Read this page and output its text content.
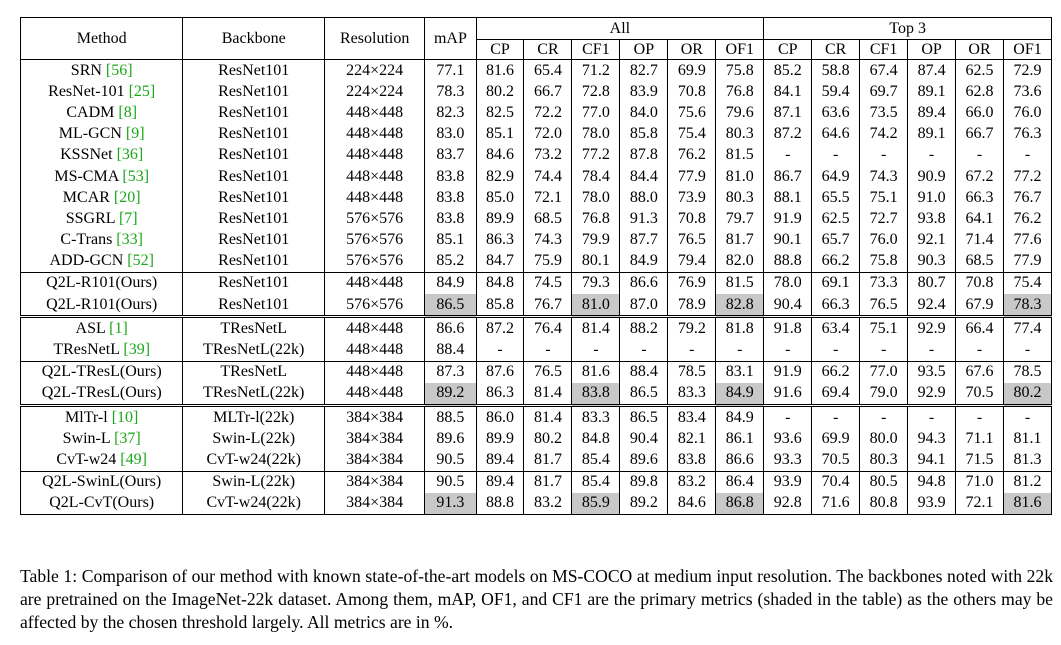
Method	Backbone	Resolution	mAP	All						Top 3					
				CP	CR	CF1	OP	OR	OF1	CP	CR	CF1	OP	OR	OF1
SRN [56]	ResNet101	224×224	77.1	81.6	65.4	71.2	82.7	69.9	75.8	85.2	58.8	67.4	87.4	62.5	72.9
ResNet-101 [25]	ResNet101	224×224	78.3	80.2	66.7	72.8	83.9	70.8	76.8	84.1	59.4	69.7	89.1	62.8	73.6
CADM [8]	ResNet101	448×448	82.3	82.5	72.2	77.0	84.0	75.6	79.6	87.1	63.6	73.5	89.4	66.0	76.0
ML-GCN [9]	ResNet101	448×448	83.0	85.1	72.0	78.0	85.8	75.4	80.3	87.2	64.6	74.2	89.1	66.7	76.3
KSSNet [36]	ResNet101	448×448	83.7	84.6	73.2	77.2	87.8	76.2	81.5	-	-	-	-	-	-
MS-CMA [53]	ResNet101	448×448	83.8	82.9	74.4	78.4	84.4	77.9	81.0	86.7	64.9	74.3	90.9	67.2	77.2
MCAR [20]	ResNet101	448×448	83.8	85.0	72.1	78.0	88.0	73.9	80.3	88.1	65.5	75.1	91.0	66.3	76.7
SSGRL [7]	ResNet101	576×576	83.8	89.9	68.5	76.8	91.3	70.8	79.7	91.9	62.5	72.7	93.8	64.1	76.2
C-Trans [33]	ResNet101	576×576	85.1	86.3	74.3	79.9	87.7	76.5	81.7	90.1	65.7	76.0	92.1	71.4	77.6
ADD-GCN [52]	ResNet101	576×576	85.2	84.7	75.9	80.1	84.9	79.4	82.0	88.8	66.2	75.8	90.3	68.5	77.9
Q2L-R101(Ours)	ResNet101	448×448	84.9	84.8	74.5	79.3	86.6	76.9	81.5	78.0	69.1	73.3	80.7	70.8	75.4
Q2L-R101(Ours)	ResNet101	576×576	86.5	85.8	76.7	81.0	87.0	78.9	82.8	90.4	66.3	76.5	92.4	67.9	78.3
ASL [1]	TResNetL	448×448	86.6	87.2	76.4	81.4	88.2	79.2	81.8	91.8	63.4	75.1	92.9	66.4	77.4
TResNetL [39]	TResNetL(22k)	448×448	88.4	-	-	-	-	-	-	-	-	-	-	-	-
Q2L-TResL(Ours)	TResNetL	448×448	87.3	87.6	76.5	81.6	88.4	78.5	83.1	91.9	66.2	77.0	93.5	67.6	78.5
Q2L-TResL(Ours)	TResNetL(22k)	448×448	89.2	86.3	81.4	83.8	86.5	83.3	84.9	91.6	69.4	79.0	92.9	70.5	80.2
MlTr-l [10]	MLTr-l(22k)	384×384	88.5	86.0	81.4	83.3	86.5	83.4	84.9	-	-	-	-	-	-
Swin-L [37]	Swin-L(22k)	384×384	89.6	89.9	80.2	84.8	90.4	82.1	86.1	93.6	69.9	80.0	94.3	71.1	81.1
CvT-w24 [49]	CvT-w24(22k)	384×384	90.5	89.4	81.7	85.4	89.6	83.8	86.6	93.3	70.5	80.3	94.1	71.5	81.3
Q2L-SwinL(Ours)	Swin-L(22k)	384×384	90.5	89.4	81.7	85.4	89.8	83.2	86.4	93.9	70.4	80.5	94.8	71.0	81.2
Q2L-CvT(Ours)	CvT-w24(22k)	384×384	91.3	88.8	83.2	85.9	89.2	84.6	86.8	92.8	71.6	80.8	93.9	72.1	81.6

Table 1: Comparison of our method with known state-of-the-art models on MS-COCO at medium input resolution. The backbones noted with 22k are pretrained on the ImageNet-22k dataset. Among them, mAP, OF1, and CF1 are the primary metrics (shaded in the table) as the others may be affected by the chosen threshold largely. All metrics are in %.
